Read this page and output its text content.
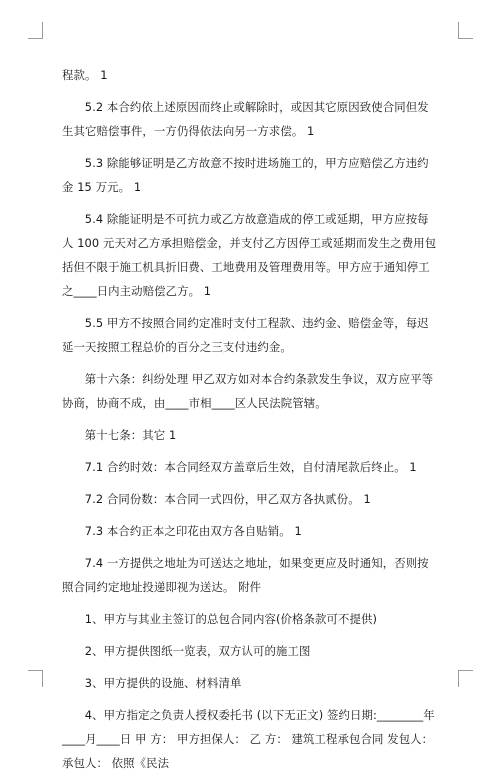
程款。 1

5.2 本合约依上述原因而终止或解除时，或因其它原因致使合同但发生其它赔偿事件，一方仍得依法向另一方求偿。 1

5.3 除能够证明是乙方故意不按时进场施工的，甲方应赔偿乙方违约金 15 万元。 1

5.4 除能证明是不可抗力或乙方故意造成的停工或延期，甲方应按每人 100 元天对乙方承担赔偿金，并支付乙方因停工或延期而发生之费用包括但不限于施工机具折旧费、工地费用及管理费用等。甲方应于通知停工之____日内主动赔偿乙方。 1

5.5 甲方不按照合同约定准时支付工程款、违约金、赔偿金等，每迟延一天按照工程总价的百分之三支付违约金。

第十六条：纠纷处理 甲乙双方如对本合约条款发生争议，双方应平等协商，协商不成，由____市相____区人民法院管辖。

第十七条：其它 1

7.1 合约时效：本合同经双方盖章后生效，自付清尾款后终止。 1

7.2 合同份数：本合同一式四份，甲乙双方各执贰份。 1

7.3 本合约正本之印花由双方各自贴销。 1

7.4 一方提供之地址为可送达之地址，如果变更应及时通知，否则按照合同约定地址投递即视为送达。 附件

1、甲方与其业主签订的总包合同内容(价格条款可不提供)

2、甲方提供图纸一览表，双方认可的施工图

3、甲方提供的设施、材料清单

4、甲方指定之负责人授权委托书 (以下无正文) 签约日期:________年____月____日 甲 方： 甲方担保人： 乙 方： 建筑工程承包合同 发包人： 承包人： 依照《民法
